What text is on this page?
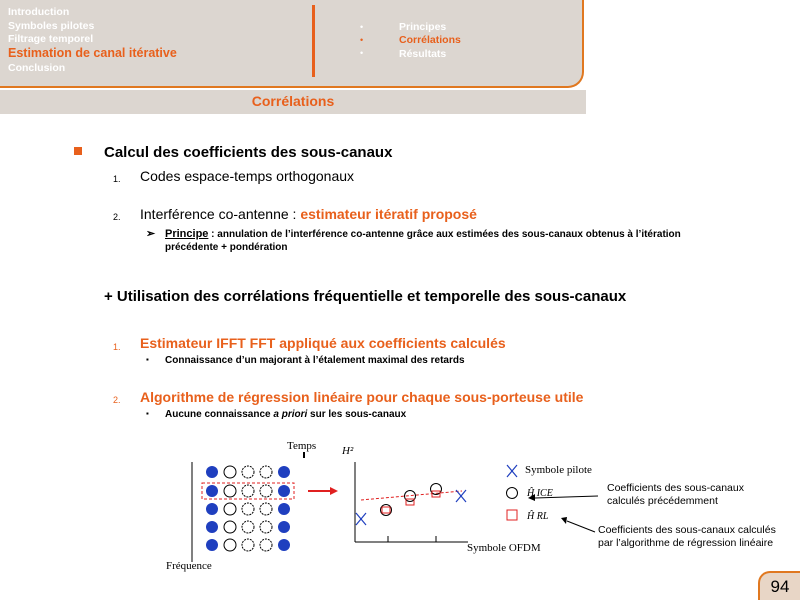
Introduction
Symboles pilotes
Filtrage temporel
Estimation de canal itérative
Conclusion
•
•
•
Principes
Corrélations
Résultats
Corrélations
Calcul des coefficients des sous-canaux
1. Codes espace-temps orthogonaux
2. Interférence co-antenne : estimateur itératif proposé
➢ Principe : annulation de l’interférence co-antenne grâce aux estimées des sous-canaux obtenus à l’itération
précédente + pondération
+ Utilisation des corrélations fréquentielle et temporelle des sous-canaux
1. Estimateur IFFT FFT appliqué aux coefficients calculés
▪ Connaissance d’un majorant à l’étalement maximal des retards
2. Algorithme de régression linéaire pour chaque sous-porteuse utile
▪ Aucune connaissance a priori sur les sous-canaux
Temps
Fréquence
Symbole OFDM
H²
Symbole pilote
Ĥ ICE
Ĥ RL
Coefficients des sous-canaux
calculés précédemment
Coefficients des sous-canaux calculés
par l’algorithme de régression linéaire
94
